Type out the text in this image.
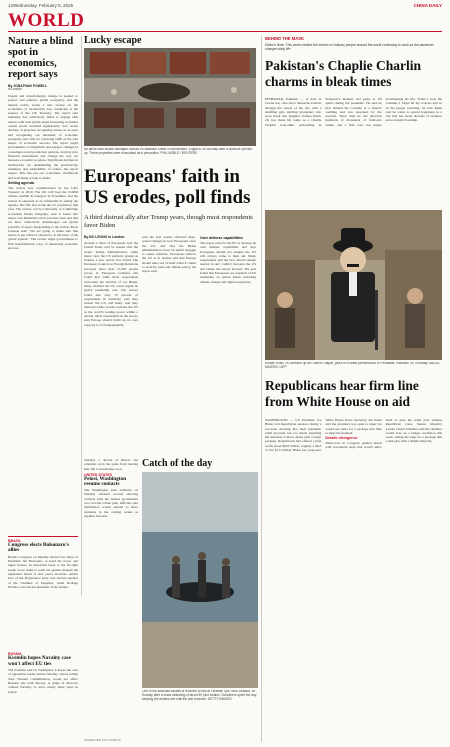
12 Wednesday, February 5, 2025	CHINA DAILY
WORLD
Nature a blind spot in economics, report says
By JONATHAN POWELL
in London
Urgent and transformative change is needed to protect and enhance global prosperity, and the natural world, warns a new review on the economics of biodiversity loss conducted at the request of the UK Treasury. The report said humanity has collectively failed to engage with nature, with total global assets increasing as natural capital stocks declined significantly over recent decades. It proposes recognising nature as an asset and recognising our measures of economic prosperity and calls for replacing GDP as the sole metric of economic success. The report urged governments to implement and support changes in consumption and production patterns, develop new financial instruments and change the way we measure economic progress. Significant declines in biodiversity are undermining the productivity, resilience and adaptability of nature, the report argues. This has put our economies, livelihoods and well-being at risk, it added.
Setting agenda
The review was commissioned by the UK's Treasury in 2019. The UK will host the COP26 climate summit in Glasgow in November, and the review is expected to be influential in setting the agenda. The UK also holds the G7 presidency this year. The review, led by University of Cambridge economist Partha Dasgupta, said it found that nature was humanity's most precious asset and that we have collectively mismanaged our global portfolio of assets. Responding to the review, Boris Johnson said: "We are going to make sure that nature is put where it should be, at the heart of the global agenda." The review urges governments to find transformative ways of measuring economic success.
BRAZIL
Congress elects Bolsonaro's allies
Brazil's Congress on Monday elected two allies of President Jair Bolsonaro to head the lower and upper houses, an important boost to the far-right leader as he seeks to push his agenda through the legislature ahead of next year's elections. Arthur Lira of the Progressive party was elected speaker of the Chamber of Deputies, while Rodrigo Pacheco was elected president of the Senate.
RUSSIA
Kremlin hopes Navalny case won't affect EU ties
The Kremlin said on Wednesday it hopes the case of opposition leader Alexei Navalny, whose jailing drew Western condemnation, would not affect Russian ties with Europe. A judge in Moscow ordered Navalny to serve nearly three years in prison.
Lucky escape
An aerial view shows damaged houses on Waltham Street in Manchester, England, on Monday after a sinkhole opened up. Three properties were evacuated as a precaution. PHIL NOBLE / REUTERS
Europeans' faith in US erodes, poll finds
A third distrust ally after Trump years, though most respondents favor Biden
By BO LEUNG in London
Around a third of Europeans feel the United States can't be trusted after the erratic Trump administration, while many view the US political system as broken, a new survey has found. The European Council on Foreign Relations surveyed more than 15,000 people across 11 European countries and found that while most respondents welcomed the election of Joe Biden, many doubted the US could regain its global leadership role. The survey found that only 10 percent of respondents in Germany said they trusted the US, and many said they believed China would overtake the US as the world's leading power within a decade. Most respondents in the survey said Europe should build up its own capacity to act independently.
said the poll results reflected deep-seated changes in how Europeans view the US, and that the Biden administration faces an uphill struggle to repair relations. Europeans believe the US is in decline and that Europe should take care of itself when it comes to security, trade and climate policy, the report said.
Own defense capabilities
The report calls for the EU to develop its own defense capabilities and says Europeans should not assume the US will always come to their aid. Many respondents said the bloc should remain neutral in any conflict between the US and China, the survey showed. The poll found that Europeans are sceptical of US leadership on global issues including climate change and digital regulation.
Tuesday a decade of Brexit, but scientists warn the gains from leaving may fail to materialise soon.
UNITED STATES
Pelosi, Washington resume contacts
The Washington state authority on Tuesday released records showing contacts with the federal government on a vaccine rollout plan. Officials said distribution would expand to more residents in the coming weeks as supplies increase.
Catch of the day
One of the stranded whales is returned to sea at Farewell Spit, New Zealand, on Sunday after a mass stranding of about 50 pilot whales. Volunteers spent the day keeping the whales wet until the tide returned. GETTY IMAGES
AGENCIES VIA XINHUA
BEHIND THE MASK
Editor's Note: This series relates the stories of ordinary people around the world continuing to work as the pandemic changes daily life.
Pakistan's Chaplie Charlin charms in bleak times
PESHAWAR, Pakistan — A man in bowler hat, cane and a mustache scurries through the streets of the city with a shuffling gait, startling bystanders who soon break into laughter. Usman Khan, 26, has made his name as a Charlie Chaplin look-alike, performing in Peshawar's markets and parks to lift spirits during the pandemic. He said he first donned the costume at a friend's wedding and was surprised by the reaction. Since then he has attracted hundreds of thousands of followers online, and a film crew has begun documenting his life. 'When I wear the costume, I forget all my worries and so do the people watching,' he said. Khan said he wants to spread happiness in a city that has faced decades of violence and economic hardship.
Usman Khan, 26, dressed up as Charlie Chaplin, jokes in a street performance in Peshawar, Pakistan, on Thursday. ABDUL MAJEED / AFP
Republicans hear firm line from White House on aid
WASHINGTON — US President Joe Biden told Republican senators during a two-hour meeting that their pandemic relief proposal was too small, signaling his intention to move ahead with a larger package. Republicans had offered a plan worth about $618 billion, roughly a third of the $1.9 trillion Biden has proposed. White House Press Secretary Jen Psaki said the president was open to input but would not settle for a package that fails to meet the moment.
Drastic divergence
Democrats in Congress pushed ahead with procedural steps that would allow them to pass the relief plan without Republican votes. Senate Majority Leader Chuck Schumer said the chamber would vote on a budget resolution this week, setting the stage for a package that could pass with a simple majority.
